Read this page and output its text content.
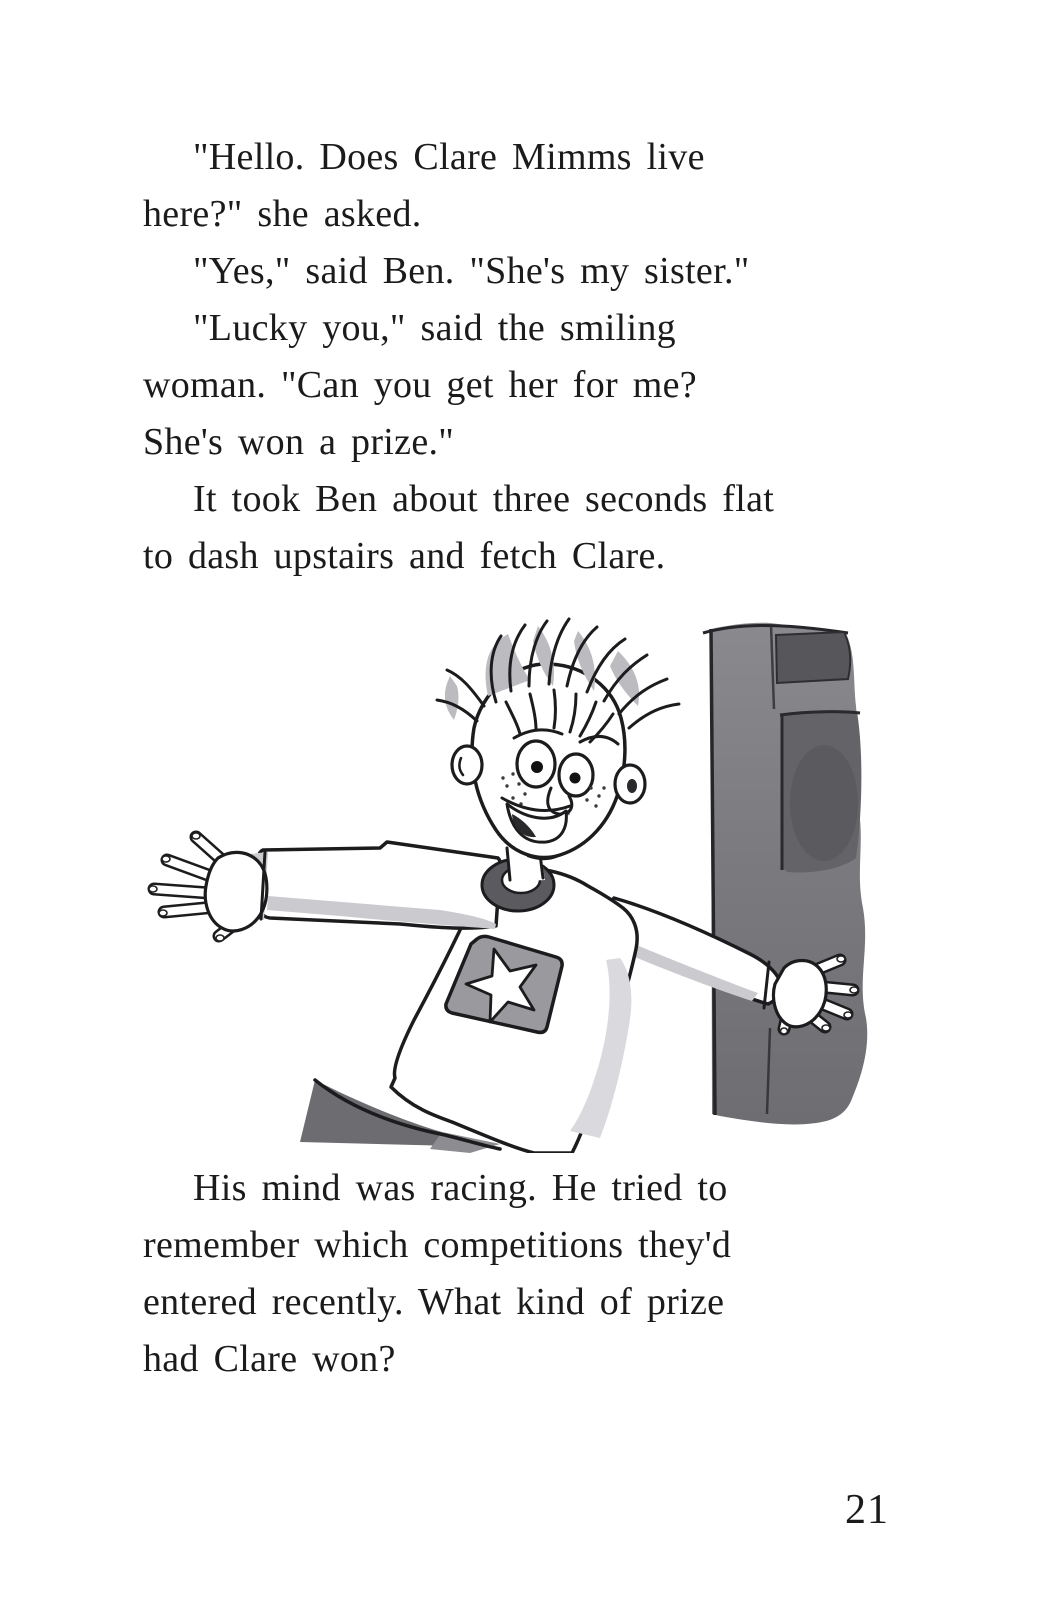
"Hello. Does Clare Mimms live
here?" she asked.
"Yes," said Ben. "She's my sister."
"Lucky you," said the smiling
woman. "Can you get her for me?
She's won a prize."
It took Ben about three seconds flat
to dash upstairs and fetch Clare.
His mind was racing. He tried to
remember which competitions they'd
entered recently. What kind of prize
had Clare won?
21
